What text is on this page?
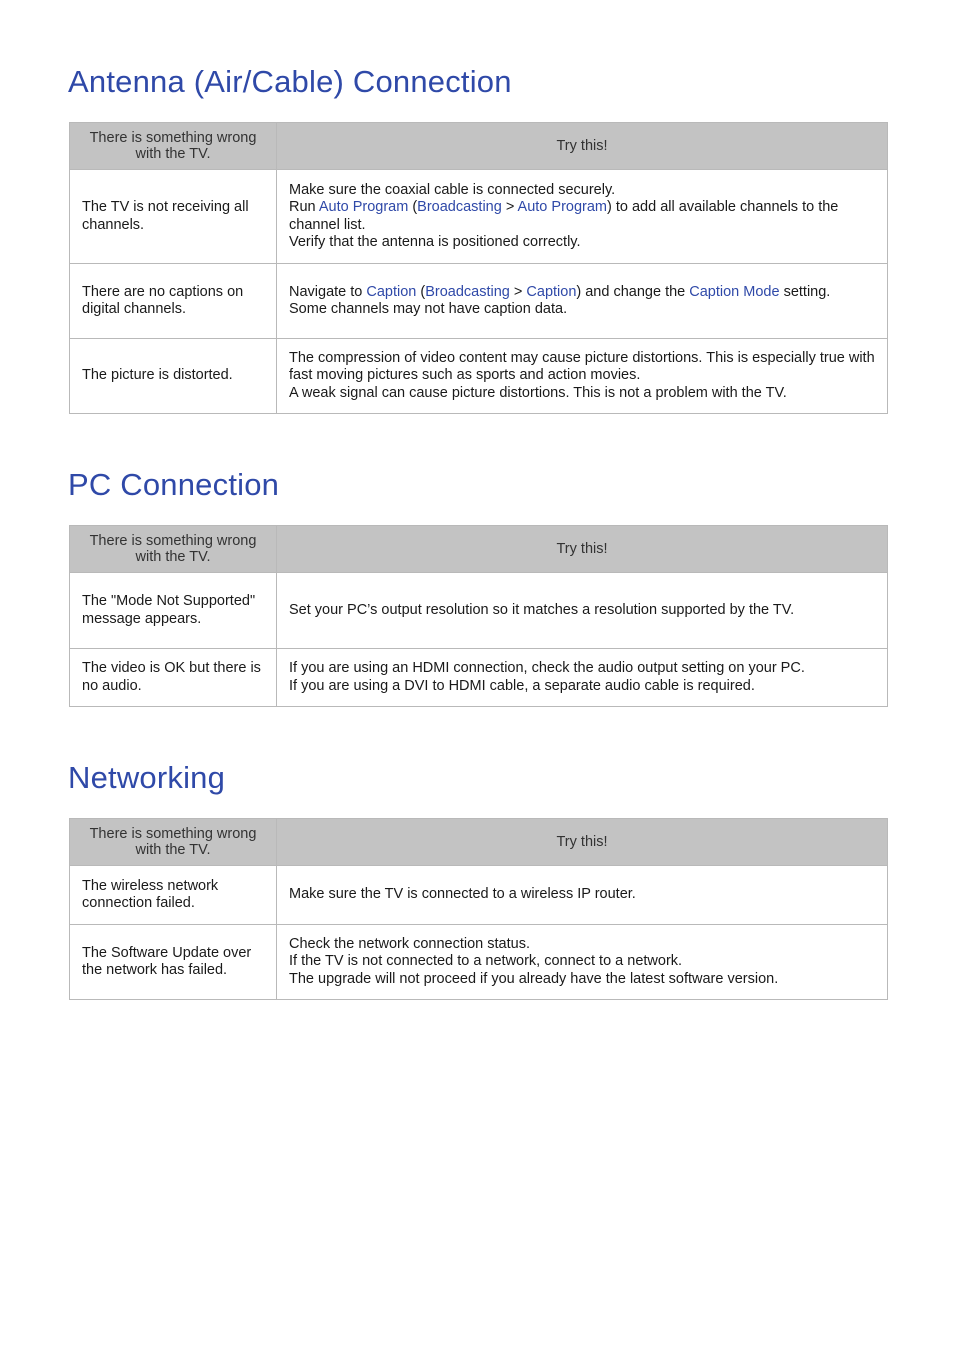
Antenna (Air/Cable) Connection
There is something wrong with the TV.	Try this!
The TV is not receiving all channels.	Make sure the coaxial cable is connected securely.
Run Auto Program (Broadcasting > Auto Program) to add all available channels to the channel list.
Verify that the antenna is positioned correctly.

There are no captions on digital channels.	Navigate to Caption (Broadcasting > Caption) and change the Caption Mode setting.
Some channels may not have caption data.

The picture is distorted.	The compression of video content may cause picture distortions. This is especially true with fast moving pictures such as sports and action movies.
A weak signal can cause picture distortions. This is not a problem with the TV.
PC Connection
There is something wrong with the TV.	Try this!
The "Mode Not Supported" message appears.	Set your PC’s output resolution so it matches a resolution supported by the TV.

The video is OK but there is no audio.	If you are using an HDMI connection, check the audio output setting on your PC.
If you are using a DVI to HDMI cable, a separate audio cable is required.
Networking
There is something wrong with the TV.	Try this!
The wireless network connection failed.	Make sure the TV is connected to a wireless IP router.

The Software Update over the network has failed.	Check the network connection status.
If the TV is not connected to a network, connect to a network.
The upgrade will not proceed if you already have the latest software version.
